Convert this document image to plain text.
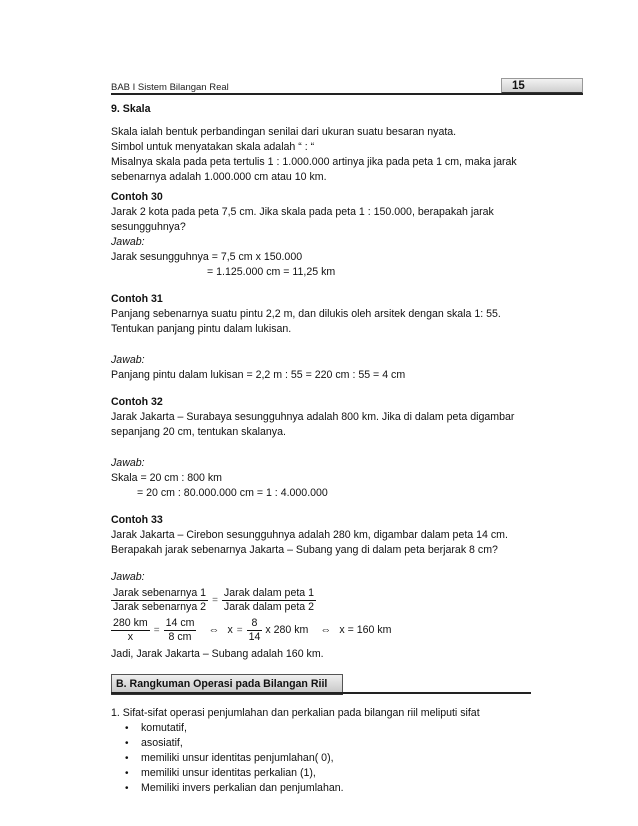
BAB I Sistem Bilangan Real	15
9. Skala
Skala ialah bentuk perbandingan senilai dari ukuran suatu besaran nyata.
Simbol untuk menyatakan skala adalah “ : “
Misalnya skala pada peta tertulis 1 : 1.000.000 artinya jika pada peta 1 cm, maka jarak
sebenarnya adalah 1.000.000 cm atau 10 km.
Contoh 30
Jarak 2 kota pada peta 7,5 cm. Jika skala pada peta 1 : 150.000, berapakah jarak
sesungguhnya?
Jawab:
Jarak sesungguhnya = 7,5 cm x 150.000
= 1.125.000 cm = 11,25 km
Contoh 31
Panjang sebenarnya suatu pintu 2,2 m, dan dilukis oleh arsitek dengan skala 1: 55.
Tentukan panjang pintu dalam lukisan.
Jawab:
Panjang pintu dalam lukisan = 2,2 m : 55 = 220 cm : 55 = 4 cm
Contoh 32
Jarak Jakarta – Surabaya sesungguhnya adalah 800 km. Jika di dalam peta digambar
sepanjang 20 cm, tentukan skalanya.
Jawab:
Skala = 20 cm : 800 km
= 20 cm : 80.000.000 cm = 1 : 4.000.000
Contoh 33
Jarak Jakarta – Cirebon sesungguhnya adalah 280 km, digambar dalam peta 14 cm.
Berapakah jarak sebenarnya Jakarta – Subang yang di dalam peta berjarak 8 cm?
Jawab:
$\frac{\text{Jarak sebenarnya 1}}{\text{Jarak sebenarnya 2}} = \frac{\text{Jarak dalam peta 1}}{\text{Jarak dalam peta 2}}$
$\frac{280 km}{x} = \frac{14 cm}{8 cm}$ ⇔ $x = \frac{8}{14}$ x 280 km ⇔ x = 160 km
Jadi, Jarak Jakarta – Subang adalah 160 km.
B. Rangkuman Operasi pada Bilangan Riil
1. Sifat-sifat operasi penjumlahan dan perkalian pada bilangan riil meliputi sifat
• komutatif,
• asosiatif,
• memiliki unsur identitas penjumlahan( 0),
• memiliki unsur identitas perkalian (1),
• Memiliki invers perkalian dan penjumlahan.
